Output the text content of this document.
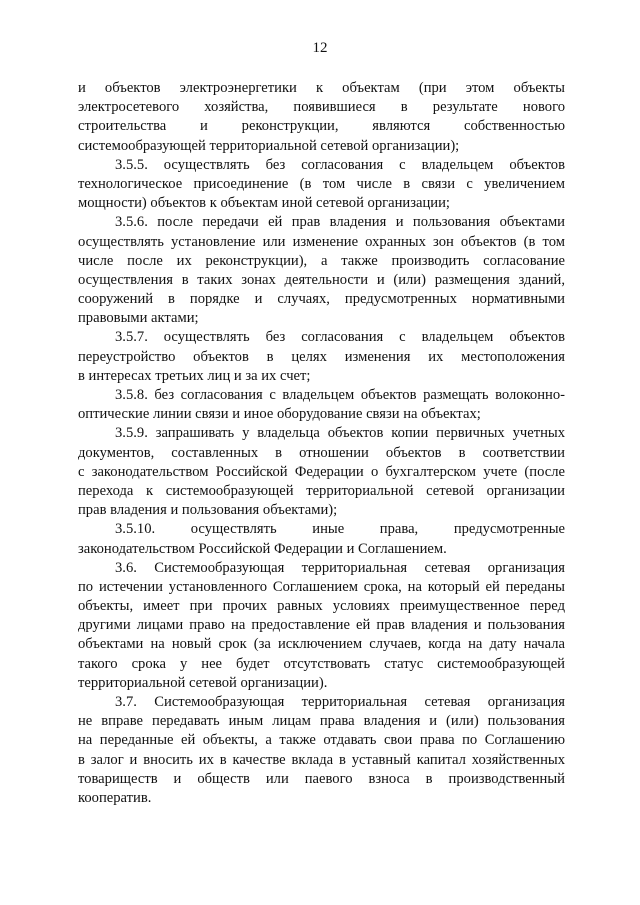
12
и объектов электроэнергетики к объектам (при этом объекты
электросетевого хозяйства, появившиеся в результате нового
строительства и реконструкции, являются собственностью
системообразующей территориальной сетевой организации);
3.5.5. осуществлять без согласования с владельцем объектов
технологическое присоединение (в том числе в связи с увеличением
мощности) объектов к объектам иной сетевой организации;
3.5.6. после передачи ей прав владения и пользования объектами
осуществлять установление или изменение охранных зон объектов (в том
числе после их реконструкции), а также производить согласование
осуществления в таких зонах деятельности и (или) размещения зданий,
сооружений в порядке и случаях, предусмотренных нормативными
правовыми актами;
3.5.7. осуществлять без согласования с владельцем объектов
переустройство объектов в целях изменения их местоположения
в интересах третьих лиц и за их счет;
3.5.8. без согласования с владельцем объектов размещать волоконно-
оптические линии связи и иное оборудование связи на объектах;
3.5.9. запрашивать у владельца объектов копии первичных учетных
документов, составленных в отношении объектов в соответствии
с законодательством Российской Федерации о бухгалтерском учете (после
перехода к системообразующей территориальной сетевой организации
прав владения и пользования объектами);
3.5.10. осуществлять иные права, предусмотренные
законодательством Российской Федерации и Соглашением.
3.6. Системообразующая территориальная сетевая организация
по истечении установленного Соглашением срока, на который ей переданы
объекты, имеет при прочих равных условиях преимущественное перед
другими лицами право на предоставление ей прав владения и пользования
объектами на новый срок (за исключением случаев, когда на дату начала
такого срока у нее будет отсутствовать статус системообразующей
территориальной сетевой организации).
3.7. Системообразующая территориальная сетевая организация
не вправе передавать иным лицам права владения и (или) пользования
на переданные ей объекты, а также отдавать свои права по Соглашению
в залог и вносить их в качестве вклада в уставный капитал хозяйственных
товариществ и обществ или паевого взноса в производственный
кооператив.
